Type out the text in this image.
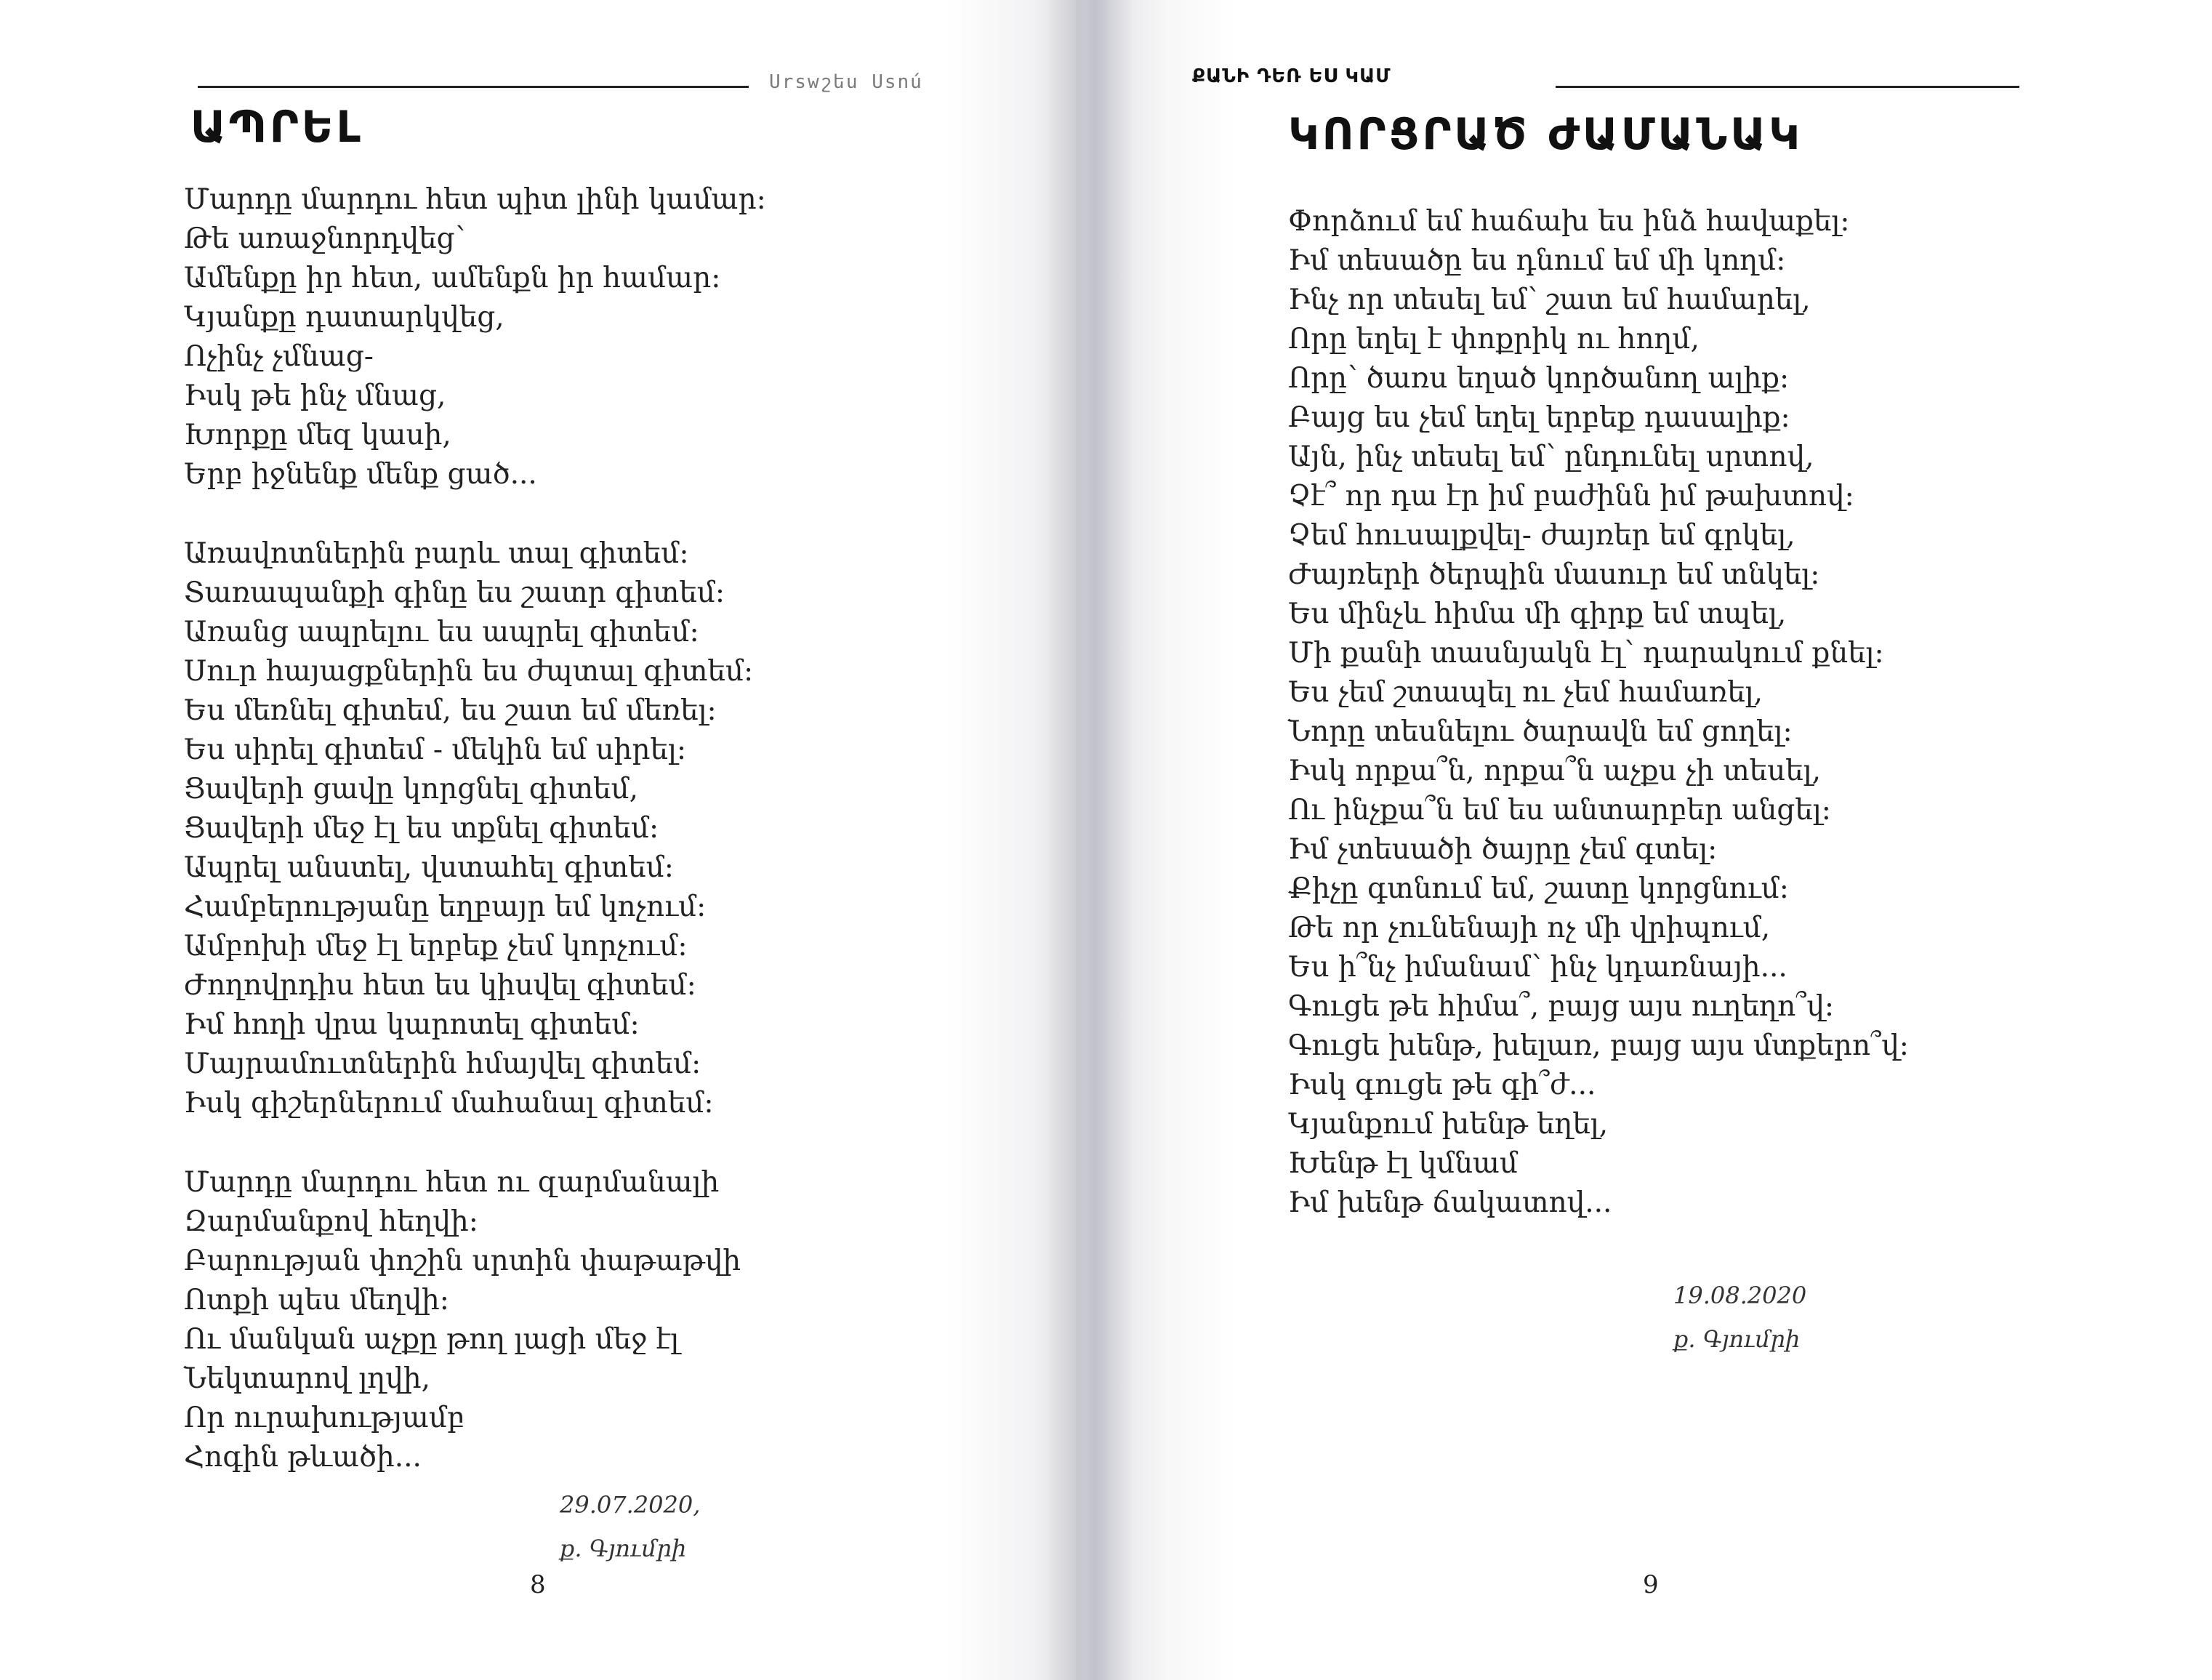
Urswշեu Usnú
ԱՊՐԵԼ
Մարդը մարդու հետ պիտ լինի կամար:
Թե առաջնորդվեց՝
Ամենքը իր հետ, ամենքն իր համար:
Կյանքը դատարկվեց,
Ոչինչ չմնաց-
Իսկ թե ինչ մնաց,
Խորքը մեզ կասի,
Երբ իջնենք մենք ցած...
Առավոտներին բարև տալ գիտեմ:
Տառապանքի գինը ես շատր գիտեմ:
Առանց ապրելու ես ապրել գիտեմ:
Սուր հայացքներին ես ժպտալ գիտեմ:
Ես մեռնել գիտեմ, ես շատ եմ մեռել:
Ես սիրել գիտեմ - մեկին եմ սիրել:
Ցավերի ցավը կորցնել գիտեմ,
Ցավերի մեջ էլ ես տքնել գիտեմ:
Ապրել անստել, վստահել գիտեմ:
Համբերությանը եղբայր եմ կոչում:
Ամբոխի մեջ էլ երբեք չեմ կորչում:
Ժողովրդիս հետ ես կիսվել գիտեմ:
Իմ հողի վրա կարոտել գիտեմ:
Մայրամուտներին հմայվել գիտեմ:
Իսկ գիշերներում մահանալ գիտեմ:
Մարդը մարդու հետ ու զարմանալի
Զարմանքով հեղվի:
Բարության փոշին սրտին փաթաթվի
Ոտքի պես մեղվի:
Ու մանկան աչքը թող լացի մեջ էլ
Նեկտարով լղվի,
Որ ուրախությամբ
Հոգին թևածի...
29.07.2020,
ք. Գյումրի
8
ՔԱՆԻ ԴԵՌ ԵՍ ԿԱՄ
ԿՈՐՑՐԱԾ ԺԱՄԱՆԱԿ
Փորձում եմ հաճախ ես ինձ հավաքել:
Իմ տեսածը ես դնում եմ մի կողմ:
Ինչ որ տեսել եմ՝ շատ եմ համարել,
Որը եղել է փոքրիկ ու հողմ,
Որը՝ ծառս եղած կործանող ալիք:
Բայց ես չեմ եղել երբեք դասալիք:
Այն, ինչ տեսել եմ՝ ընդունել սրտով,
Չէ՞ որ դա էր իմ բաժինն իմ թախտով:
Չեմ հուսալքվել- ժայռեր եմ գրկել,
Ժայռերի ծերպին մասուր եմ տնկել:
Ես մինչև հիմա մի գիրք եմ տպել,
Մի քանի տասնյակն էլ՝ դարակում քնել:
Ես չեմ շտապել ու չեմ համառել,
Նորը տեսնելու ծարավն եմ ցողել:
Իսկ որքա՞ն, որքա՞ն աչքս չի տեսել,
Ու ինչքա՞ն եմ ես անտարբեր անցել:
Իմ չտեսածի ծայրը չեմ գտել:
Քիչը գտնում եմ, շատը կորցնում:
Թե որ չունենայի ոչ մի վրիպում,
Ես ի՞նչ իմանամ՝ ինչ կդառնայի...
Գուցե թե հիմա՞, բայց այս ուղեղո՞վ:
Գուցե խենթ, խելառ, բայց այս մտքերո՞վ:
Իսկ գուցե թե գի՞ժ...
Կյանքում խենթ եղել,
Խենթ էլ կմնամ
Իմ խենթ ճակատով...
19.08.2020
ք. Գյումրի
9
